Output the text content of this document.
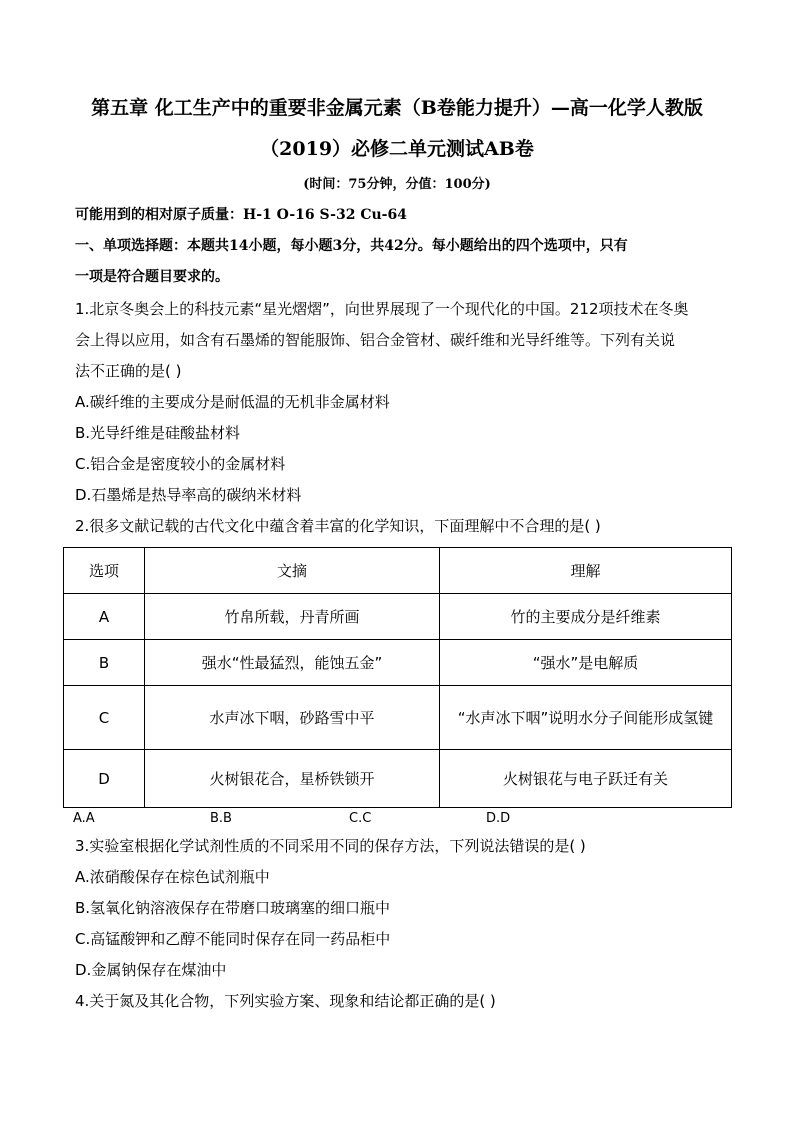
第五章 化工生产中的重要非金属元素（B卷能力提升）—高一化学人教版
（2019）必修二单元测试AB卷
(时间：75分钟，分值：100分)
可能用到的相对原子质量：H-1 O-16 S-32 Cu-64
一、单项选择题：本题共14小题，每小题3分，共42分。每小题给出的四个选项中，只有
一项是符合题目要求的。
1.北京冬奥会上的科技元素“星光熠熠”，向世界展现了一个现代化的中国。212项技术在冬奥
会上得以应用，如含有石墨烯的智能服饰、铝合金管材、碳纤维和光导纤维等。下列有关说
法不正确的是( )
A.碳纤维的主要成分是耐低温的无机非金属材料
B.光导纤维是硅酸盐材料
C.铝合金是密度较小的金属材料
D.石墨烯是热导率高的碳纳米材料
2.很多文献记载的古代文化中蕴含着丰富的化学知识，下面理解中不合理的是( )
选项	文摘	理解
A	竹帛所载，丹青所画	竹的主要成分是纤维素
B	强水“性最猛烈，能蚀五金”	“强水”是电解质
C	水声冰下咽，砂路雪中平	“水声冰下咽”说明水分子间能形成氢键
D	火树银花合，星桥铁锁开	火树银花与电子跃迁有关
A.A	B.B	C.C	D.D
3.实验室根据化学试剂性质的不同采用不同的保存方法，下列说法错误的是( )
A.浓硝酸保存在棕色试剂瓶中
B.氢氧化钠溶液保存在带磨口玻璃塞的细口瓶中
C.高锰酸钾和乙醇不能同时保存在同一药品柜中
D.金属钠保存在煤油中
4.关于氮及其化合物，下列实验方案、现象和结论都正确的是( )
